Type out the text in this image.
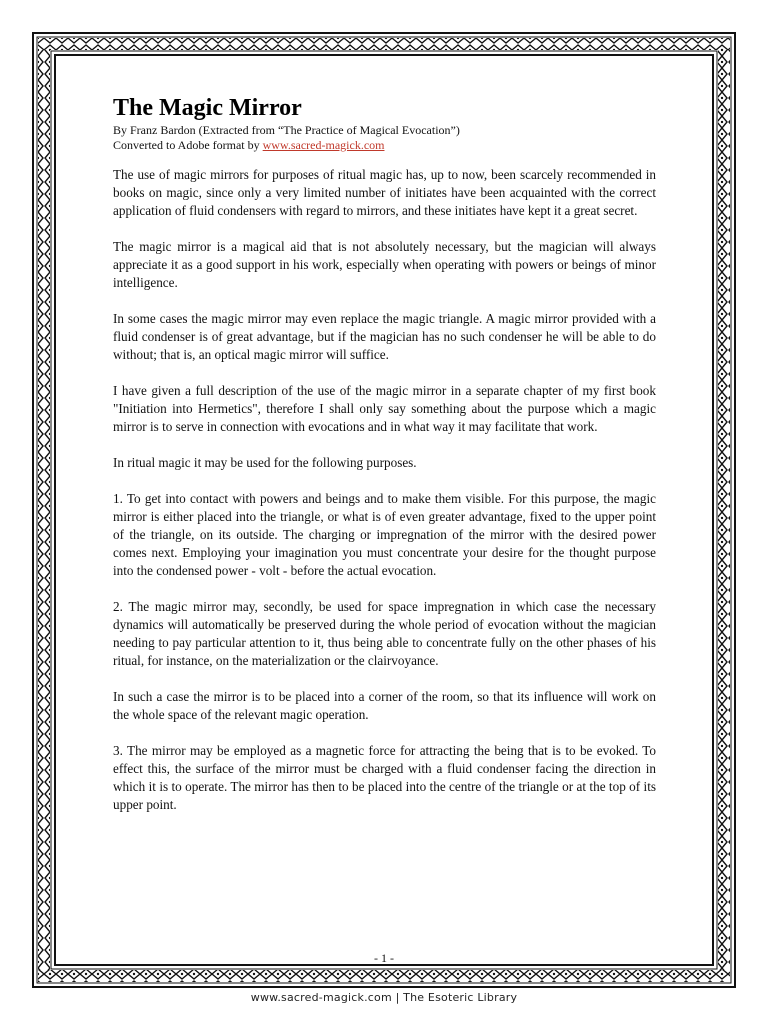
The Magic Mirror
By Franz Bardon (Extracted from “The Practice of Magical Evocation”)
Converted to Adobe format by www.sacred-magick.com

The use of magic mirrors for purposes of ritual magic has, up to now, been scarcely recommended in books on magic, since only a very limited number of initiates have been acquainted with the correct application of fluid condensers with regard to mirrors, and these initiates have kept it a great secret.

The magic mirror is a magical aid that is not absolutely necessary, but the magician will always appreciate it as a good support in his work, especially when operating with powers or beings of minor intelligence.

In some cases the magic mirror may even replace the magic triangle. A magic mirror provided with a fluid condenser is of great advantage, but if the magician has no such condenser he will be able to do without; that is, an optical magic mirror will suffice.

I have given a full description of the use of the magic mirror in a separate chapter of my first book "Initiation into Hermetics", therefore I shall only say something about the purpose which a magic mirror is to serve in connection with evocations and in what way it may facilitate that work.

In ritual magic it may be used for the following purposes.

1. To get into contact with powers and beings and to make them visible. For this purpose, the magic mirror is either placed into the triangle, or what is of even greater advantage, fixed to the upper point of the triangle, on its outside. The charging or impregnation of the mirror with the desired power comes next. Employing your imagination you must concentrate your desire for the thought purpose into the condensed power - volt - before the actual evocation.

2. The magic mirror may, secondly, be used for space impregnation in which case the necessary dynamics will automatically be preserved during the whole period of evocation without the magician needing to pay particular attention to it, thus being able to concentrate fully on the other phases of his ritual, for instance, on the materialization or the clairvoyance.

In such a case the mirror is to be placed into a corner of the room, so that its influence will work on the whole space of the relevant magic operation.

3. The mirror may be employed as a magnetic force for attracting the being that is to be evoked. To effect this, the surface of the mirror must be charged with a fluid condenser facing the direction in which it is to operate. The mirror has then to be placed into the centre of the triangle or at the top of its upper point.

- 1 -
www.sacred-magick.com | The Esoteric Library
